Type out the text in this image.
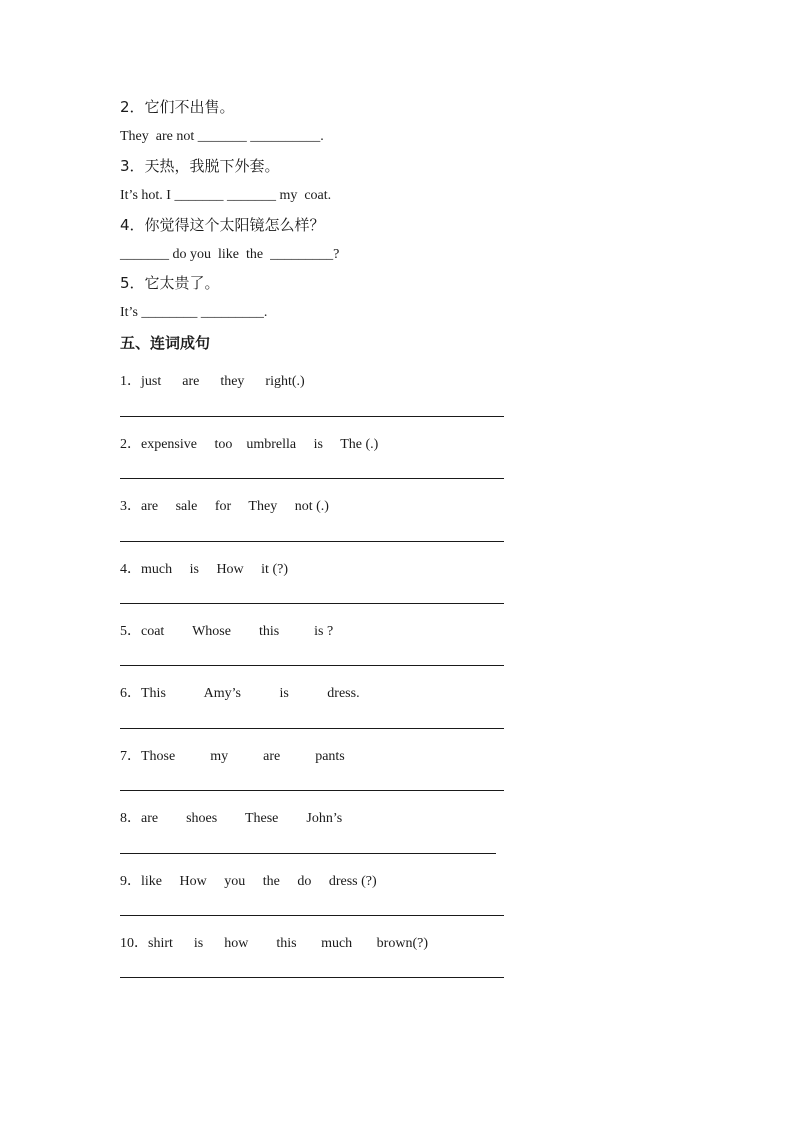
2．它们不出售。
They  are not _______ __________.
3．天热，我脱下外套。
It’s hot. I _______ _______ my  coat.
4．你觉得这个太阳镜怎么样？
_______ do you  like  the  _________?
5．它太贵了。
It’s ________ _________.
五、连词成句
1．just      are      they      right(.)
2．expensive     too    umbrella     is     The (.)
3．are     sale     for     They     not (.)
4．much     is     How     it (?)
5．coat        Whose        this          is ?
6．This           Amy’s           is           dress.
7．Those          my          are          pants
8．are        shoes        These        John’s
9．like     How     you     the     do     dress (?)
10．shirt      is      how        this       much       brown(?)
